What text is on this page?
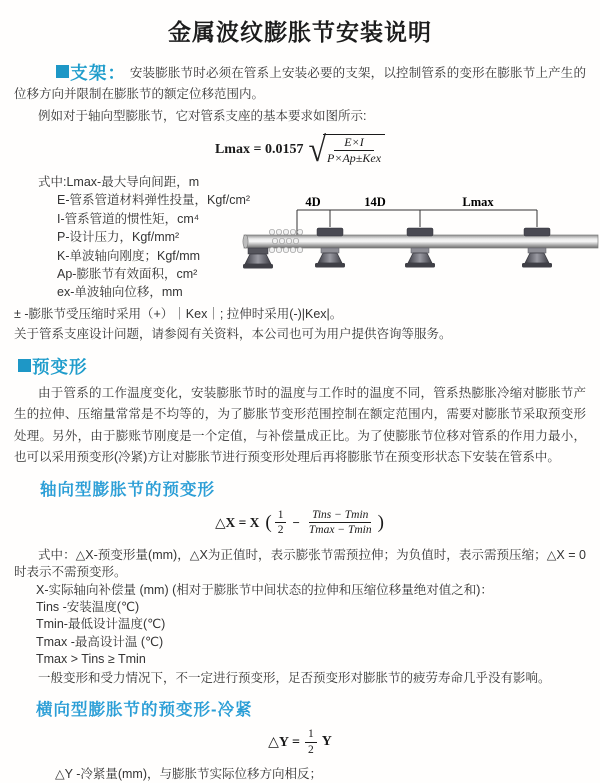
金属波纹膨胀节安装说明

支架： 安装膨胀节时必须在管系上安装必要的支架，以控制管系的变形在膨胀节上产生的位移方向并限制在膨胀节的额定位移范围内。

例如对于轴向型膨胀节，它对管系支座的基本要求如图所示:

Lmax = 0.0157 √	E×I
P×Ap±Kex
式中:Lmax-最大导向间距，m
E-管系管道材料弹性投量，Kgf/cm²
I-管系管道的惯性矩，cm⁴
P-设计压力，Kgf/mm²
K-单波轴向刚度；Kgf/mm
Ap-膨胀节有效面积，cm²
ex-单波轴向位移，mm
4D	14D	Lmax
± -膨胀节受压缩时采用（+）｜Kex｜; 拉伸时采用(-)|Kex|。
关于管系支座设计问题，请参阅有关资料，本公司也可为用户提供咨询等服务。
预变形

由于管系的工作温度变化，安装膨胀节时的温度与工作时的温度不同，管系热膨胀冷缩对膨胀节产生的拉伸、压缩量常常是不均等的，为了膨胀节变形范围控制在额定范围内，需要对膨胀节采取预变形处理。另外，由于膨账节刚度是一个定值，与补偿量成正比。为了使膨胀节位移对管系的作用力最小，也可以采用预变形(冷紧)方让对膨胀节进行预变形处理后再将膨胀节在预变形状态下安装在管系中。

轴向型膨胀节的预变形
△X = X ( $\frac{1}{2} - \frac{\text{Tins − Tmin}}{Tmax - Tmin}$ )

式中：△X-预变形量(mm)，△X为正值时，表示膨张节需预拉伸；为负值时，表示需预压缩；△X = 0时表示不需预变形。

X-实际轴向补偿量 (mm) (相对于膨胀节中间状态的拉伸和压缩位移量绝对值之和)：
Tins -安装温度(℃)
Tmin-最低设计温度(℃)
Tmax -最高设计温 (℃)
Tmax > Tins ≥ Tmin

一般变形和受力情况下，不一定进行预变形，足否预变形对膨胀节的疲劳寿命几乎没有影响。

横向型膨胀节的预变形-冷紧
△Y = $\frac{1}{2}$ Y
△Y -冷紧量(mm)，与膨胀节实际位移方向相反；
